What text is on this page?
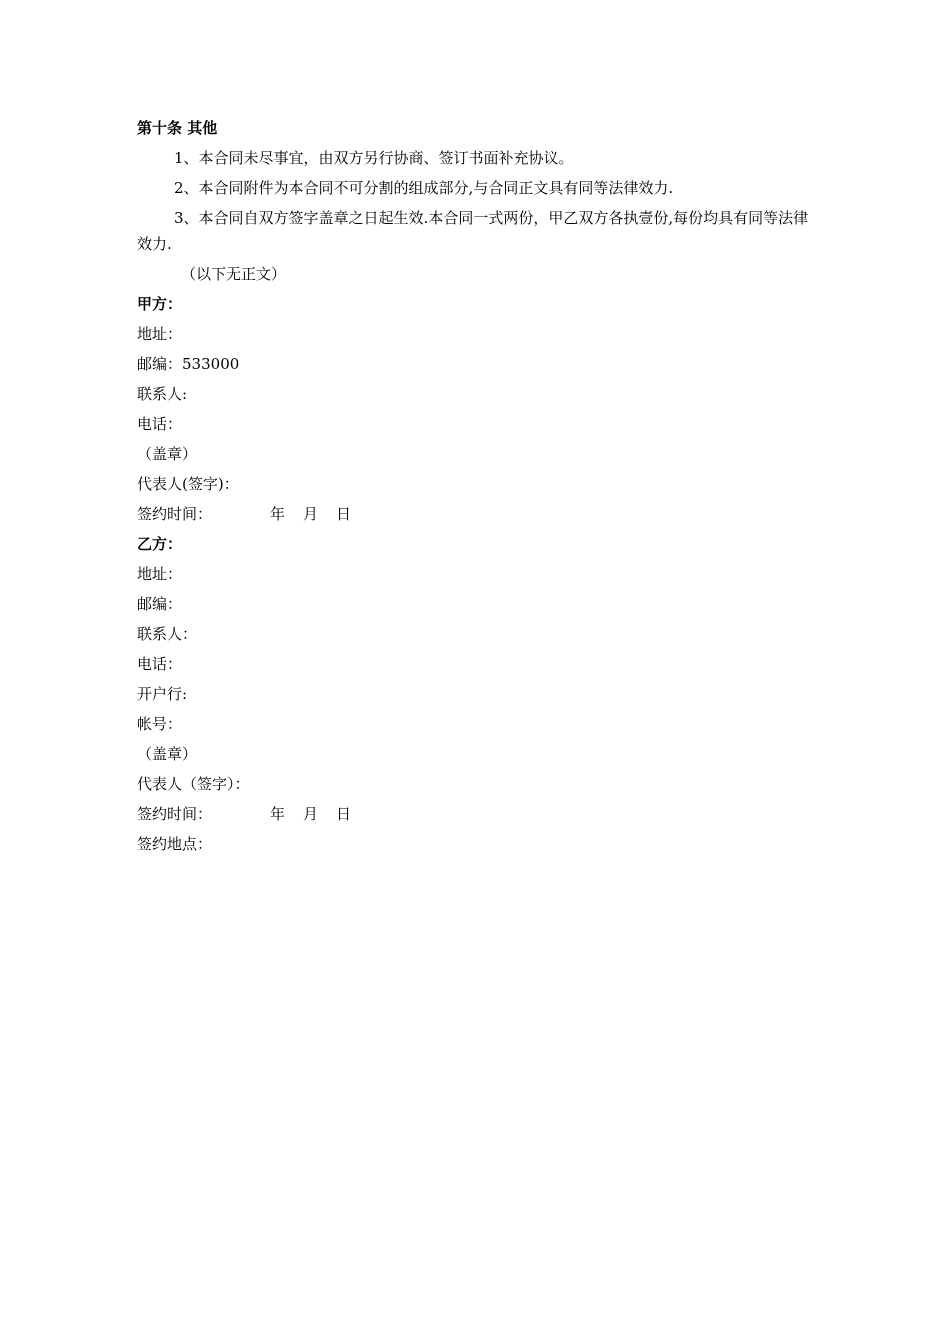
第十条 其他
1、本合同未尽事宜，由双方另行协商、签订书面补充协议。
2、本合同附件为本合同不可分割的组成部分,与合同正文具有同等法律效力.

3、本合同自双方签字盖章之日起生效.本合同一式两份，甲乙双方各执壹份,每份均具有同等法律效力.

（以下无正文）
甲方：
地址：
邮编：533000
联系人:
电话：
（盖章）
代表人(签字)：
签约时间：	年 月 日
乙方：
地址：
邮编：
联系人：
电话：
开户行:
帐号：
（盖章）
代表人（签字）：
签约时间：	年 月 日
签约地点：
